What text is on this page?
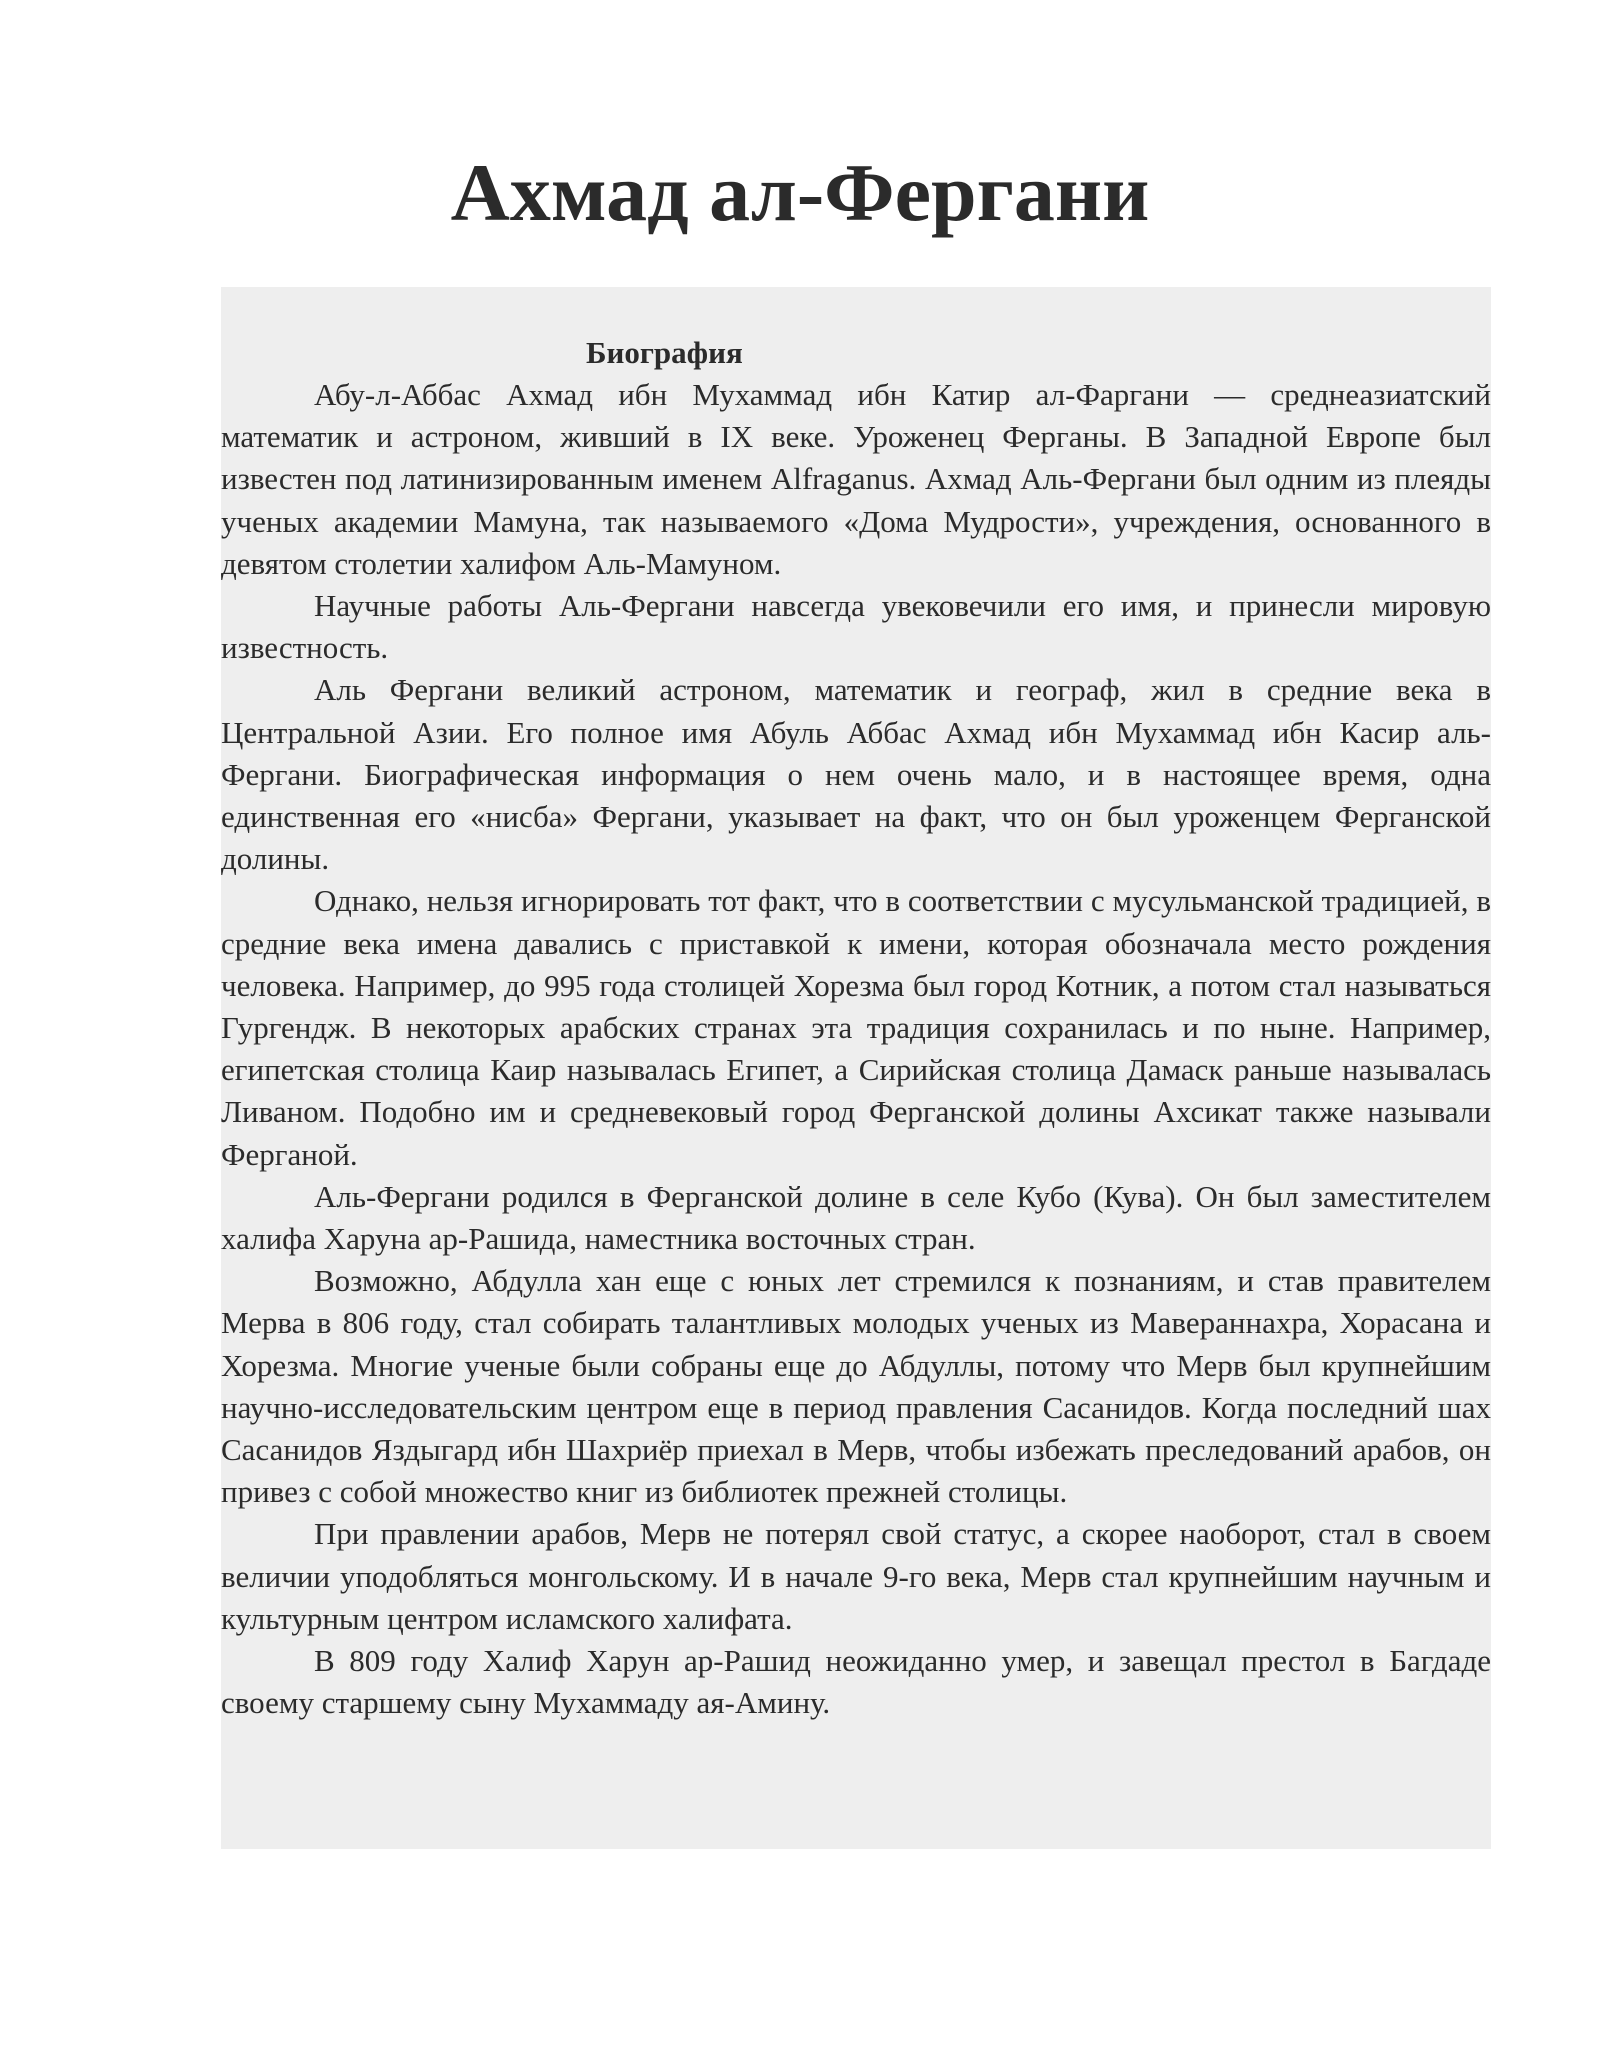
Ахмад ал-Фергани
Биография

Абу-л-Аббас Ахмад ибн Мухаммад ибн Катир ал-Фаргани — среднеазиатский математик и астроном, живший в IX веке. Уроженец Ферганы. В Западной Европе был известен под латинизированным именем Alfraganus. Ахмад Аль-Фергани был одним из плеяды ученых академии Мамуна, так называемого «Дома Мудрости», учреждения, основанного в девятом столетии халифом Аль-Мамуном.

Научные работы Аль-Фергани навсегда увековечили его имя, и принесли мировую известность.

Аль Фергани великий астроном, математик и географ, жил в средние века в Центральной Азии. Его полное имя Абуль Аббас Ахмад ибн Мухаммад ибн Касир аль-Фергани. Биографическая информация о нем очень мало, и в настоящее время, одна единственная его «нисба» Фергани, указывает на факт, что он был уроженцем Ферганской долины.

Однако, нельзя игнорировать тот факт, что в соответствии с мусульманской традицией, в средние века имена давались с приставкой к имени, которая обозначала место рождения человека. Например, до 995 года столицей Хорезма был город Котник, а потом стал называться Гургендж. В некоторых арабских странах эта традиция сохранилась и по ныне. Например, египетская столица Каир называлась Египет, а Сирийская столица Дамаск раньше называлась Ливаном. Подобно им и средневековый город Ферганской долины Ахсикат также называли Ферганой.

Аль-Фергани родился в Ферганской долине в селе Кубо (Кува). Он был заместителем халифа Харуна ар-Рашида, наместника восточных стран.

Возможно, Абдулла хан еще с юных лет стремился к познаниям, и став правителем Мерва в 806 году, стал собирать талантливых молодых ученых из Мавераннахра, Хорасана и Хорезма. Многие ученые были собраны еще до Абдуллы, потому что Мерв был крупнейшим научно-исследовательским центром еще в период правления Сасанидов. Когда последний шах Сасанидов Яздыгард ибн Шахриёр приехал в Мерв, чтобы избежать преследований арабов, он привез с собой множество книг из библиотек прежней столицы.

При правлении арабов, Мерв не потерял свой статус, а скорее наоборот, стал в своем величии уподобляться монгольскому. И в начале 9-го века, Мерв стал крупнейшим научным и культурным центром исламского халифата.

В 809 году Халиф Харун ар-Рашид неожиданно умер, и завещал престол в Багдаде своему старшему сыну Мухаммаду ая-Амину.
